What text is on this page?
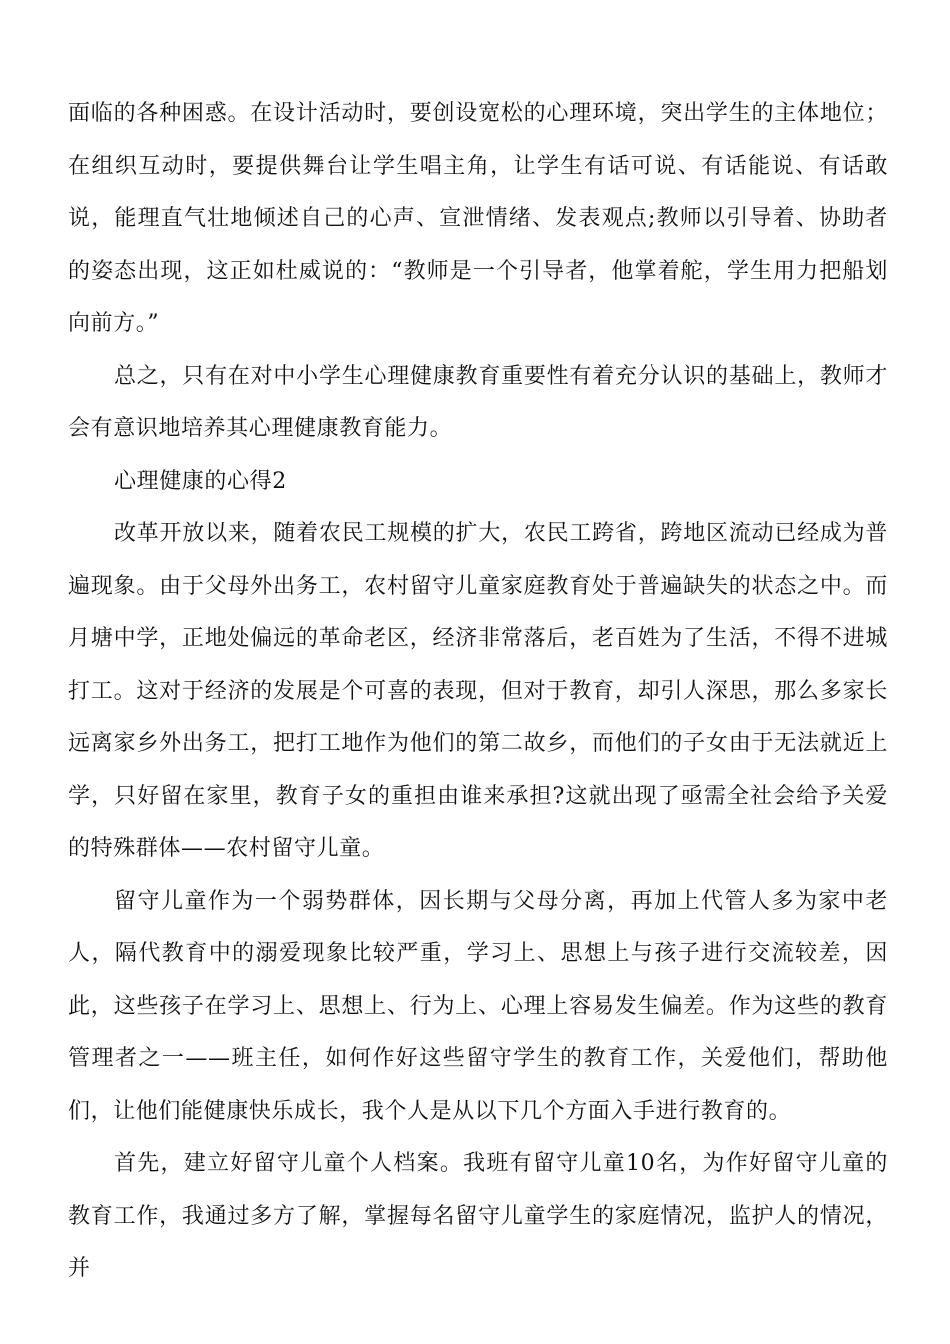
面临的各种困惑。在设计活动时，要创设宽松的心理环境，突出学生的主体地位；在组织互动时，要提供舞台让学生唱主角，让学生有话可说、有话能说、有话敢说，能理直气壮地倾述自己的心声、宣泄情绪、发表观点;教师以引导着、协助者的姿态出现，这正如杜威说的：“教师是一个引导者，他掌着舵，学生用力把船划向前方。”

总之，只有在对中小学生心理健康教育重要性有着充分认识的基础上，教师才会有意识地培养其心理健康教育能力。

心理健康的心得2

改革开放以来，随着农民工规模的扩大，农民工跨省，跨地区流动已经成为普遍现象。由于父母外出务工，农村留守儿童家庭教育处于普遍缺失的状态之中。而月塘中学，正地处偏远的革命老区，经济非常落后，老百姓为了生活，不得不进城打工。这对于经济的发展是个可喜的表现，但对于教育，却引人深思，那么多家长远离家乡外出务工，把打工地作为他们的第二故乡，而他们的子女由于无法就近上学，只好留在家里，教育子女的重担由谁来承担?这就出现了亟需全社会给予关爱的特殊群体——农村留守儿童。

留守儿童作为一个弱势群体，因长期与父母分离，再加上代管人多为家中老人，隔代教育中的溺爱现象比较严重，学习上、思想上与孩子进行交流较差，因此，这些孩子在学习上、思想上、行为上、心理上容易发生偏差。作为这些的教育管理者之一——班主任，如何作好这些留守学生的教育工作，关爱他们，帮助他们，让他们能健康快乐成长，我个人是从以下几个方面入手进行教育的。

首先，建立好留守儿童个人档案。我班有留守儿童10名，为作好留守儿童的教育工作，我通过多方了解，掌握每名留守儿童学生的家庭情况，监护人的情况，并
